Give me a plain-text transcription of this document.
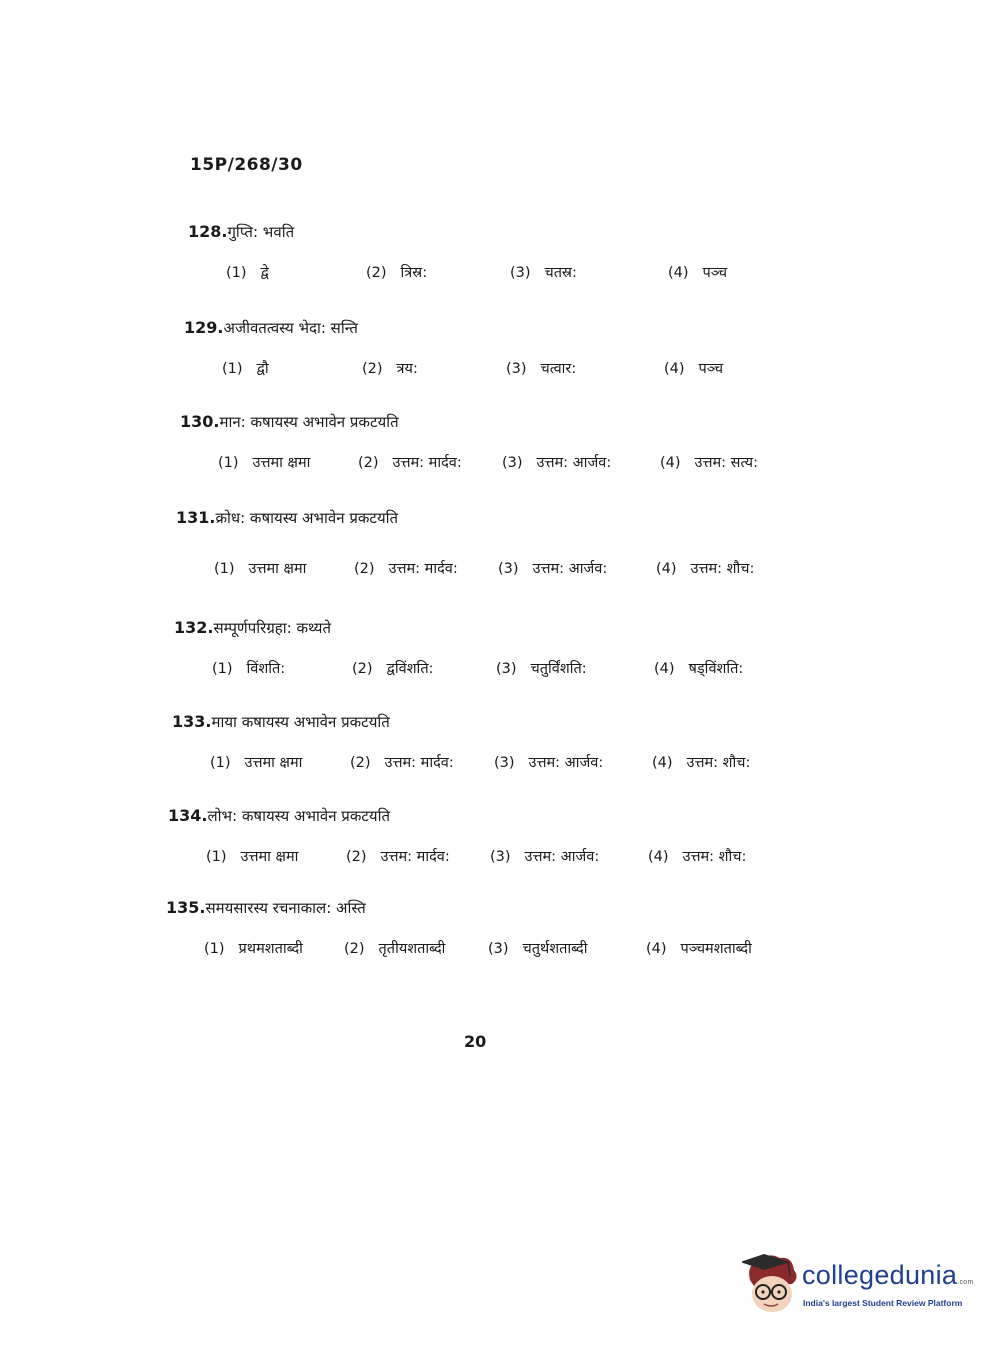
15P/268/30
128.गुप्ति: भवति
(1) द्वे	(2) त्रिस्र:	(3) चतस्र:	(4) पञ्च
129.अजीवतत्वस्य भेदा: सन्ति
(1) द्वौ	(2) त्रय:	(3) चत्वार:	(4) पञ्च
130.मान: कषायस्य अभावेन प्रकटयति
(1) उत्तमा क्षमा	(2) उत्तम: मार्दव:	(3) उत्तम: आर्जव:	(4) उत्तम: सत्य:
131.क्रोध: कषायस्य अभावेन प्रकटयति
(1) उत्तमा क्षमा	(2) उत्तम: मार्दव:	(3) उत्तम: आर्जव:	(4) उत्तम: शौच:
132.सम्पूर्णपरिग्रहा: कथ्यते
(1) विंशति:	(2) द्वविंशति:	(3) चतुर्विंशति:	(4) षड्विंशति:
133.माया कषायस्य अभावेन प्रकटयति
(1) उत्तमा क्षमा	(2) उत्तम: मार्दव:	(3) उत्तम: आर्जव:	(4) उत्तम: शौच:
134.लोभ: कषायस्य अभावेन प्रकटयति
(1) उत्तमा क्षमा	(2) उत्तम: मार्दव:	(3) उत्तम: आर्जव:	(4) उत्तम: शौच:
135.समयसारस्य रचनाकाल: अस्ति
(1) प्रथमशताब्दी	(2) तृतीयशताब्दी	(3) चतुर्थशताब्दी	(4) पञ्चमशताब्दी
20
collegedunia.com
India's largest Student Review Platform
